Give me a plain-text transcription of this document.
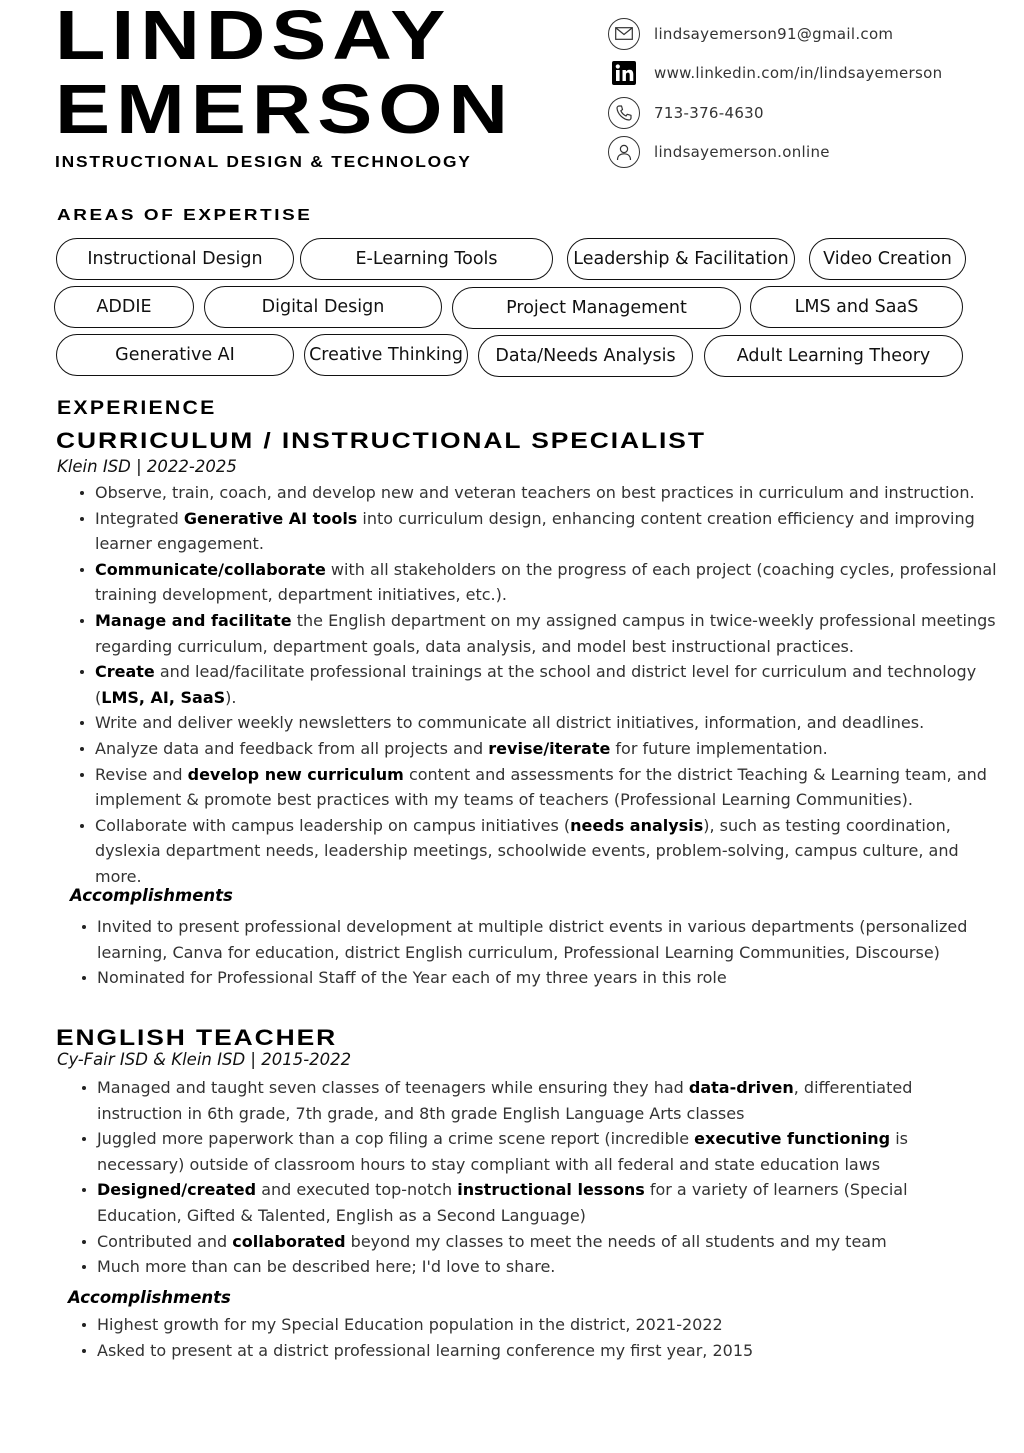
LINDSAY
EMERSON
INSTRUCTIONAL DESIGN & TECHNOLOGY
lindsayemerson91@gmail.com
www.linkedin.com/in/lindsayemerson
713-376-4630
lindsayemerson.online
AREAS OF EXPERTISE
Instructional Design	E-Learning Tools	Leadership & Facilitation	Video Creation
ADDIE	Digital Design	Project Management	LMS and SaaS
Generative AI	Creative Thinking	Data/Needs Analysis	Adult Learning Theory
EXPERIENCE
CURRICULUM / INSTRUCTIONAL SPECIALIST
Klein ISD | 2022-2025
Observe, train, coach, and develop new and veteran teachers on best practices in curriculum and instruction.
Integrated Generative AI tools into curriculum design, enhancing content creation efficiency and improving learner engagement.
Communicate/collaborate with all stakeholders on the progress of each project (coaching cycles, professional training development, department initiatives, etc.).
Manage and facilitate the English department on my assigned campus in twice-weekly professional meetings regarding curriculum, department goals, data analysis, and model best instructional practices.
Create and lead/facilitate professional trainings at the school and district level for curriculum and technology (LMS, AI, SaaS).
Write and deliver weekly newsletters to communicate all district initiatives, information, and deadlines.
Analyze data and feedback from all projects and revise/iterate for future implementation.
Revise and develop new curriculum content and assessments for the district Teaching & Learning team, and implement & promote best practices with my teams of teachers (Professional Learning Communities).
Collaborate with campus leadership on campus initiatives (needs analysis), such as testing coordination, dyslexia department needs, leadership meetings, schoolwide events, problem-solving, campus culture, and more.
Accomplishments
Invited to present professional development at multiple district events in various departments (personalized learning, Canva for education, district English curriculum, Professional Learning Communities, Discourse)
Nominated for Professional Staff of the Year each of my three years in this role
ENGLISH TEACHER
Cy-Fair ISD & Klein ISD | 2015-2022
Managed and taught seven classes of teenagers while ensuring they had data-driven, differentiated instruction in 6th grade, 7th grade, and 8th grade English Language Arts classes
Juggled more paperwork than a cop filing a crime scene report (incredible executive functioning is necessary) outside of classroom hours to stay compliant with all federal and state education laws
Designed/created and executed top-notch instructional lessons for a variety of learners (Special Education, Gifted & Talented, English as a Second Language)
Contributed and collaborated beyond my classes to meet the needs of all students and my team
Much more than can be described here; I'd love to share.
Accomplishments
Highest growth for my Special Education population in the district, 2021-2022
Asked to present at a district professional learning conference my first year, 2015
